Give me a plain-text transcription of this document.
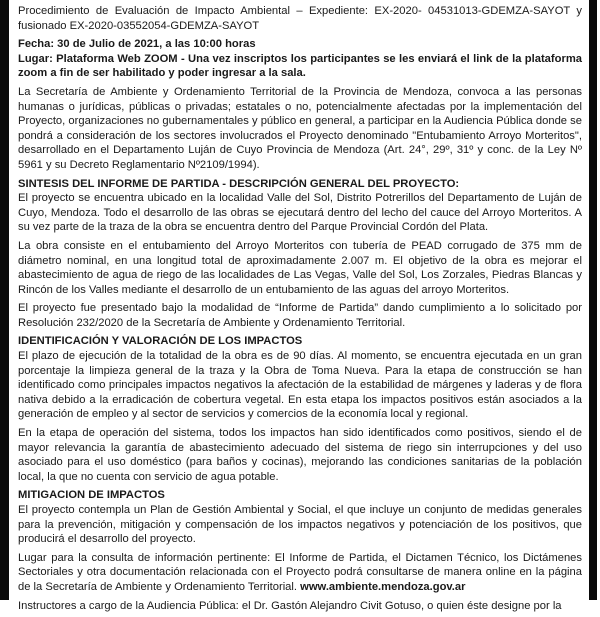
Procedimiento de Evaluación de Impacto Ambiental – Expediente: EX-2020- 04531013-GDEMZA-SAYOT y fusionado EX-2020-03552054-GDEMZA-SAYOT

Fecha: 30 de Julio de 2021, a las 10:00 horas
Lugar: Plataforma Web ZOOM - Una vez inscriptos los participantes se les enviará el link de la plataforma zoom a fin de ser habilitado y poder ingresar a la sala.

La Secretaría de Ambiente y Ordenamiento Territorial de la Provincia de Mendoza, convoca a las personas humanas o jurídicas, públicas o privadas; estatales o no, potencialmente afectadas por la implementación del Proyecto, organizaciones no gubernamentales y público en general, a participar en la Audiencia Pública donde se pondrá a consideración de los sectores involucrados el Proyecto denominado "Entubamiento Arroyo Morteritos", desarrollado en el Departamento Luján de Cuyo Provincia de Mendoza (Art. 24°, 29º, 31º y conc. de la Ley Nº 5961 y su Decreto Reglamentario Nº2109/1994).

SINTESIS DEL INFORME DE PARTIDA - DESCRIPCIÓN GENERAL DEL PROYECTO:

El proyecto se encuentra ubicado en la localidad Valle del Sol, Distrito Potrerillos del Departamento de Luján de Cuyo, Mendoza. Todo el desarrollo de las obras se ejecutará dentro del lecho del cauce del Arroyo Morteritos. A su vez parte de la traza de la obra se encuentra dentro del Parque Provincial Cordón del Plata.

La obra consiste en el entubamiento del Arroyo Morteritos con tubería de PEAD corrugado de 375 mm de diámetro nominal, en una longitud total de aproximadamente 2.007 m. El objetivo de la obra es mejorar el abastecimiento de agua de riego de las localidades de Las Vegas, Valle del Sol, Los Zorzales, Piedras Blancas y Rincón de los Valles mediante el desarrollo de un entubamiento de las aguas del arroyo Morteritos.

El proyecto fue presentado bajo la modalidad de “Informe de Partida” dando cumplimiento a lo solicitado por Resolución 232/2020 de la Secretaría de Ambiente y Ordenamiento Territorial.

IDENTIFICACIÓN Y VALORACIÓN DE LOS IMPACTOS

El plazo de ejecución de la totalidad de la obra es de 90 días. Al momento, se encuentra ejecutada en un gran porcentaje la limpieza general de la traza y la Obra de Toma Nueva. Para la etapa de construcción se han identificado como principales impactos negativos la afectación de la estabilidad de márgenes y laderas y de flora nativa debido a la erradicación de cobertura vegetal. En esta etapa los impactos positivos están asociados a la generación de empleo y al sector de servicios y comercios de la economía local y regional.

En la etapa de operación del sistema, todos los impactos han sido identificados como positivos, siendo el de mayor relevancia la garantía de abastecimiento adecuado del sistema de riego sin interrupciones y del uso asociado para el uso doméstico (para baños y cocinas), mejorando las condiciones sanitarias de la población local, la que no cuenta con servicio de agua potable.

MITIGACION DE IMPACTOS

El proyecto contempla un Plan de Gestión Ambiental y Social, el que incluye un conjunto de medidas generales para la prevención, mitigación y compensación de los impactos negativos y potenciación de los positivos, que producirá el desarrollo del proyecto.

Lugar para la consulta de información pertinente: El Informe de Partida, el Dictamen Técnico, los Dictámenes Sectoriales y otra documentación relacionada con el Proyecto podrá consultarse de manera online en la página de la Secretaría de Ambiente y Ordenamiento Territorial. www.ambiente.mendoza.gov.ar

Instructores a cargo de la Audiencia Pública: el Dr. Gastón Alejandro Civit Gotuso, o quien éste designe por la
